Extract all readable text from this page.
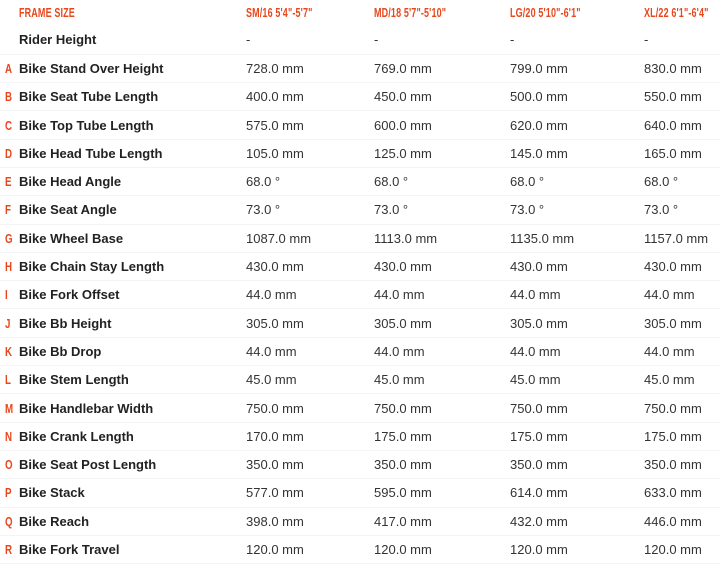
FRAME SIZE		SM/16 5'4"-5'7"	MD/18 5'7"-5'10"	LG/20 5'10"-6'1"	XL/22 6'1"-6'4"

	Rider Height	-	-	-	-
A	Bike Stand Over Height	728.0 mm	769.0 mm	799.0 mm	830.0 mm
B	Bike Seat Tube Length	400.0 mm	450.0 mm	500.0 mm	550.0 mm
C	Bike Top Tube Length	575.0 mm	600.0 mm	620.0 mm	640.0 mm
D	Bike Head Tube Length	105.0 mm	125.0 mm	145.0 mm	165.0 mm
E	Bike Head Angle	68.0 °	68.0 °	68.0 °	68.0 °
F	Bike Seat Angle	73.0 °	73.0 °	73.0 °	73.0 °
G	Bike Wheel Base	1087.0 mm	1113.0 mm	1135.0 mm	1157.0 mm
H	Bike Chain Stay Length	430.0 mm	430.0 mm	430.0 mm	430.0 mm
I	Bike Fork Offset	44.0 mm	44.0 mm	44.0 mm	44.0 mm
J	Bike Bb Height	305.0 mm	305.0 mm	305.0 mm	305.0 mm
K	Bike Bb Drop	44.0 mm	44.0 mm	44.0 mm	44.0 mm
L	Bike Stem Length	45.0 mm	45.0 mm	45.0 mm	45.0 mm
M	Bike Handlebar Width	750.0 mm	750.0 mm	750.0 mm	750.0 mm
N	Bike Crank Length	170.0 mm	175.0 mm	175.0 mm	175.0 mm
O	Bike Seat Post Length	350.0 mm	350.0 mm	350.0 mm	350.0 mm
P	Bike Stack	577.0 mm	595.0 mm	614.0 mm	633.0 mm
Q	Bike Reach	398.0 mm	417.0 mm	432.0 mm	446.0 mm
R	Bike Fork Travel	120.0 mm	120.0 mm	120.0 mm	120.0 mm
